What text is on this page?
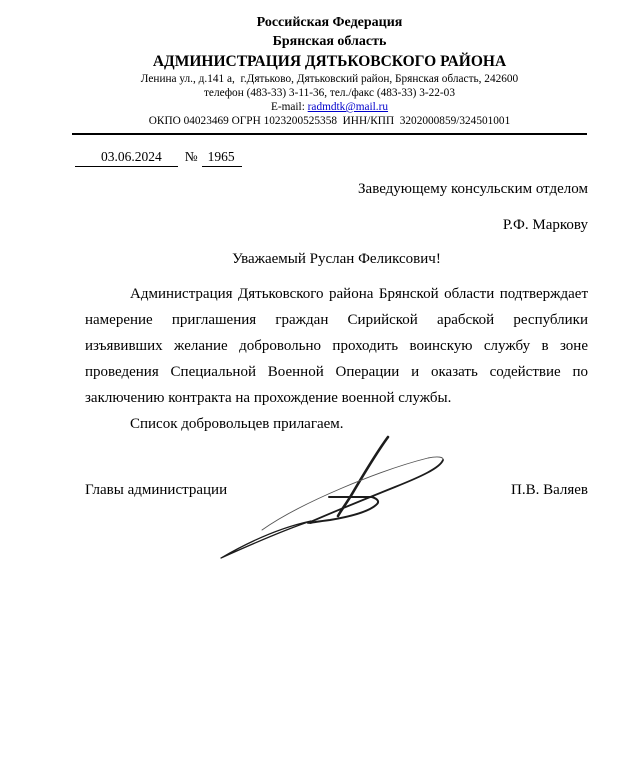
Российская Федерация
Брянская область
АДМИНИСТРАЦИЯ ДЯТЬКОВСКОГО РАЙОНА
Ленина ул., д.141 а,  г.Дятьково, Дятьковский район, Брянская область, 242600
телефон (483-33) 3-11-36, тел./факс (483-33) 3-22-03
E-mail: radmdtk@mail.ru
ОКПО 04023469 ОГРН 1023200525358  ИНН/КПП  3202000859/324501001
03.06.2024 № 1965
Заведующему консульским отделом
Р.Ф. Маркову
Уважаемый Руслан Феликсович!

Администрация Дятьковского района Брянской области подтверждает намерение приглашения граждан Сирийской арабской республики изъявивших желание добровольно проходить воинскую службу в зоне проведения Специальной Военной Операции и оказать содействие по заключению контракта на прохождение военной службы.

Список добровольцев прилагаем.

Главы администрации	П.В. Валяев
